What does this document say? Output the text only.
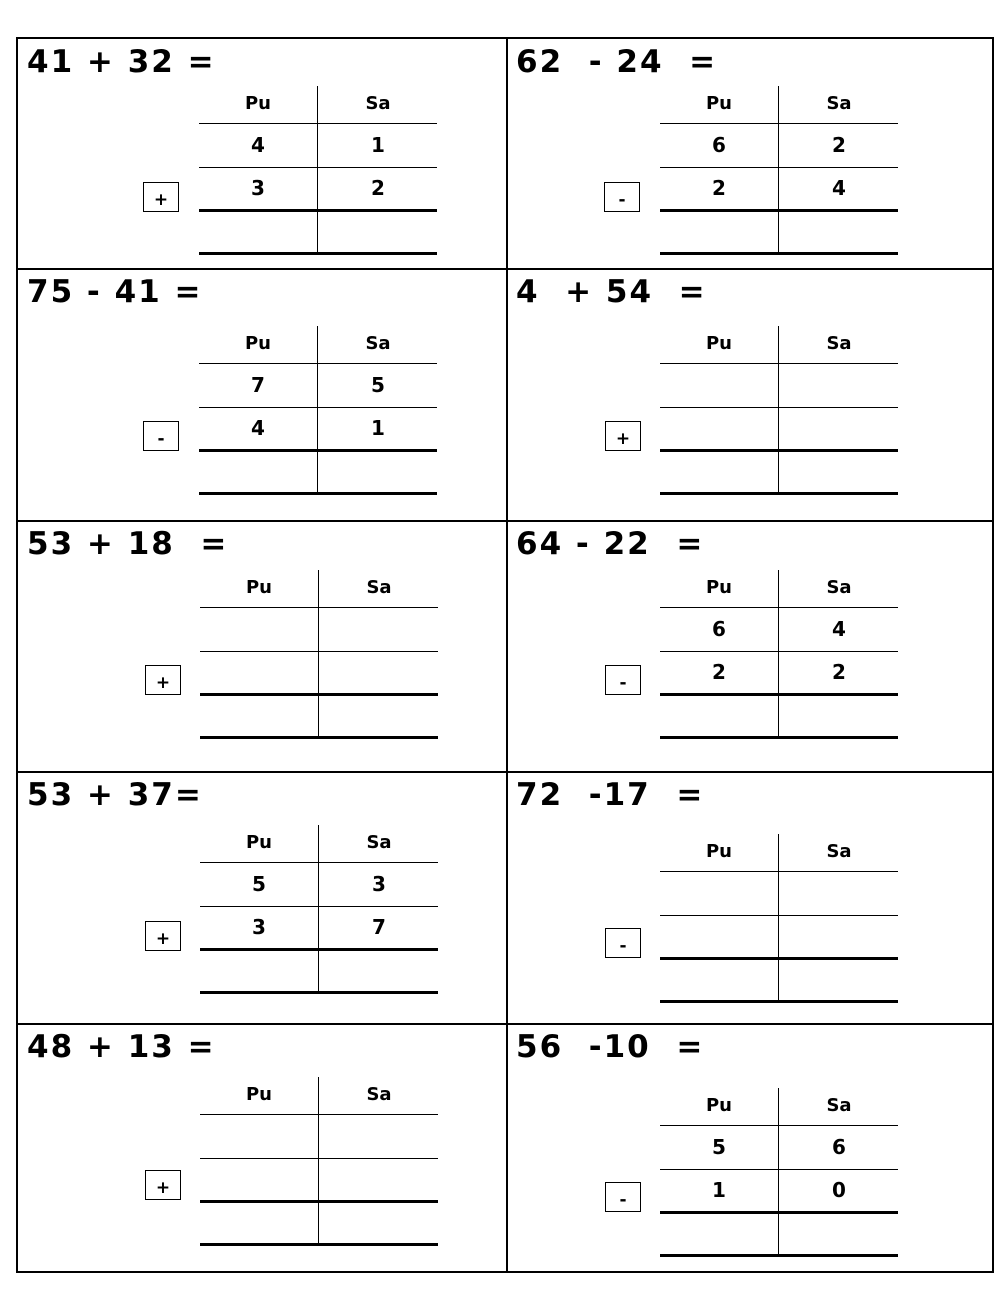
41 + 32 =
Pu	Sa
4	1
3	2
+
62  - 24  =
Pu	Sa
6	2
2	4
-
75 - 41 =
Pu	Sa
7	5
4	1
-
4  + 54  =
Pu	Sa
+
53 + 18  =
Pu	Sa
+
64 - 22  =
Pu	Sa
6	4
2	2
-
53 + 37=
Pu	Sa
5	3
3	7
+
72  -17  =
Pu	Sa
-
48 + 13 =
Pu	Sa
+
56  -10  =
Pu	Sa
5	6
1	0
-
